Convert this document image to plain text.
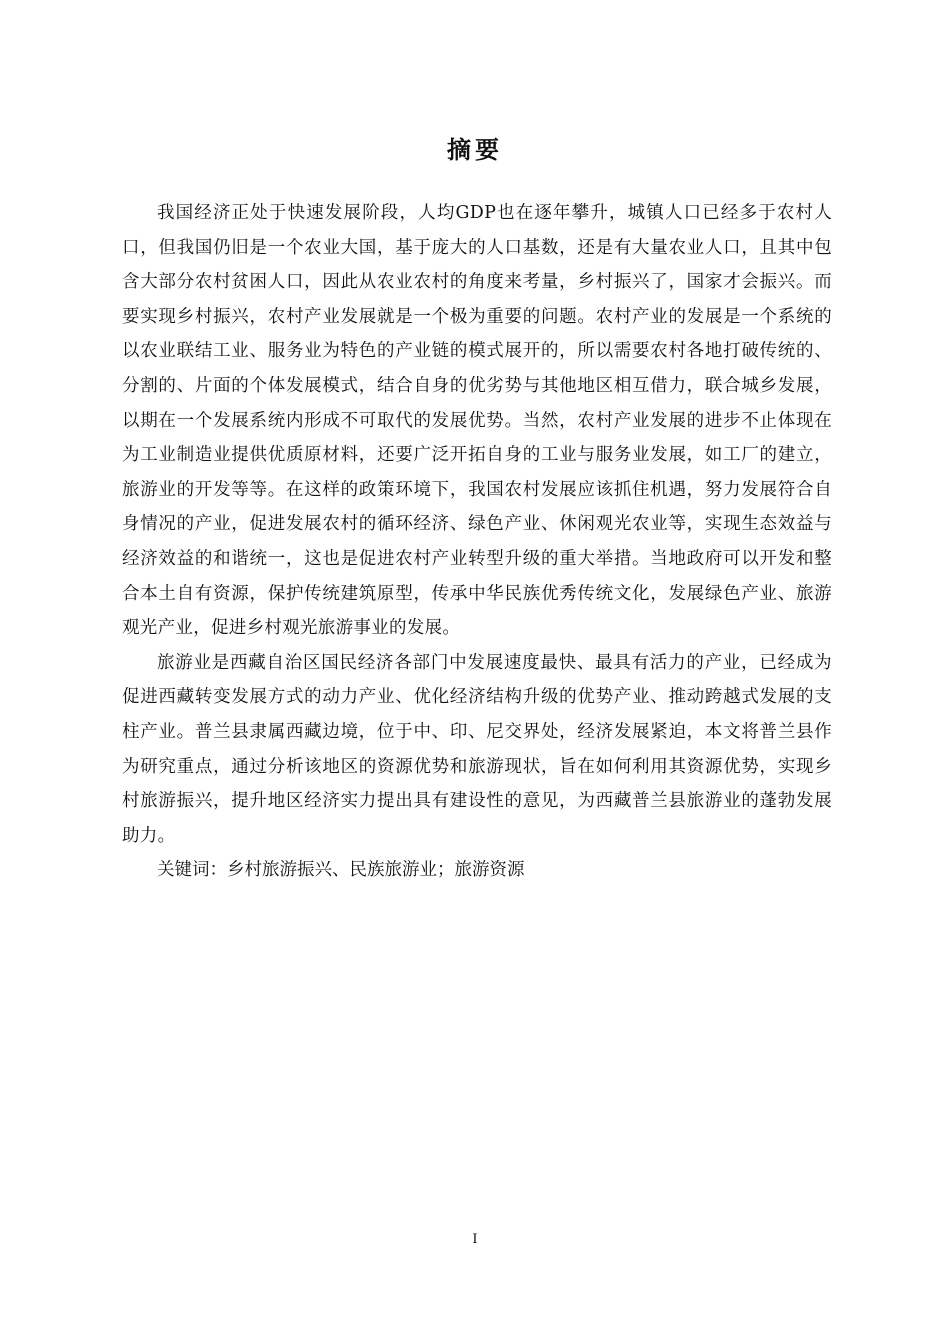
摘要

我国经济正处于快速发展阶段，人均GDP也在逐年攀升，城镇人口已经多于农村人口，但我国仍旧是一个农业大国，基于庞大的人口基数，还是有大量农业人口，且其中包含大部分农村贫困人口，因此从农业农村的角度来考量，乡村振兴了，国家才会振兴。而要实现乡村振兴，农村产业发展就是一个极为重要的问题。农村产业的发展是一个系统的以农业联结工业、服务业为特色的产业链的模式展开的，所以需要农村各地打破传统的、分割的、片面的个体发展模式，结合自身的优劣势与其他地区相互借力，联合城乡发展，以期在一个发展系统内形成不可取代的发展优势。当然，农村产业发展的进步不止体现在为工业制造业提供优质原材料，还要广泛开拓自身的工业与服务业发展，如工厂的建立，旅游业的开发等等。在这样的政策环境下，我国农村发展应该抓住机遇，努力发展符合自身情况的产业，促进发展农村的循环经济、绿色产业、休闲观光农业等，实现生态效益与经济效益的和谐统一，这也是促进农村产业转型升级的重大举措。当地政府可以开发和整合本土自有资源，保护传统建筑原型，传承中华民族优秀传统文化，发展绿色产业、旅游观光产业，促进乡村观光旅游事业的发展。

旅游业是西藏自治区国民经济各部门中发展速度最快、最具有活力的产业，已经成为促进西藏转变发展方式的动力产业、优化经济结构升级的优势产业、推动跨越式发展的支柱产业。普兰县隶属西藏边境，位于中、印、尼交界处，经济发展紧迫，本文将普兰县作为研究重点，通过分析该地区的资源优势和旅游现状，旨在如何利用其资源优势，实现乡村旅游振兴，提升地区经济实力提出具有建设性的意见，为西藏普兰县旅游业的蓬勃发展助力。

关键词：乡村旅游振兴、民族旅游业；旅游资源

I
